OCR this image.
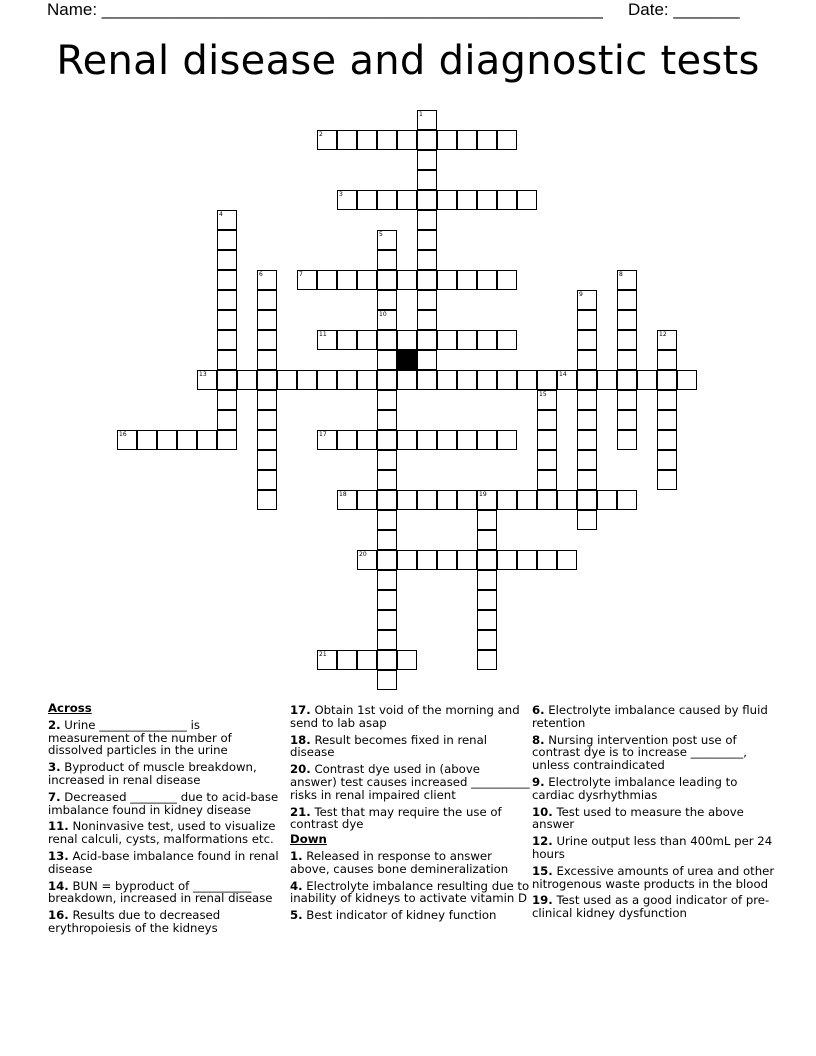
Name: _____________________________________________________ Date: _______
Renal disease and diagnostic tests
1
2
3
4
5
6	7	8
9
10
11	12
13	14
15
16	17
18	19
20
21
Across
2. Urine _______________ is measurement of the number of dissolved particles in the urine
3. Byproduct of muscle breakdown, increased in renal disease
7. Decreased ________ due to acid-base imbalance found in kidney disease
11. Noninvasive test, used to visualize renal calculi, cysts, malformations etc.
13. Acid-base imbalance found in renal disease
14. BUN = byproduct of __________ breakdown, increased in renal disease
16. Results due to decreased erythropoiesis of the kidneys
17. Obtain 1st void of the morning and send to lab asap
18. Result becomes fixed in renal disease
20. Contrast dye used in (above answer) test causes increased __________ risks in renal impaired client
21. Test that may require the use of contrast dye
Down
1. Released in response to answer above, causes bone demineralization
4. Electrolyte imbalance resulting due to inability of kidneys to activate vitamin D
5. Best indicator of kidney function
6. Electrolyte imbalance caused by fluid retention
8. Nursing intervention post use of contrast dye is to increase _________, unless contraindicated
9. Electrolyte imbalance leading to cardiac dysrhythmias
10. Test used to measure the above answer
12. Urine output less than 400mL per 24 hours
15. Excessive amounts of urea and other nitrogenous waste products in the blood
19. Test used as a good indicator of pre-clinical kidney dysfunction
